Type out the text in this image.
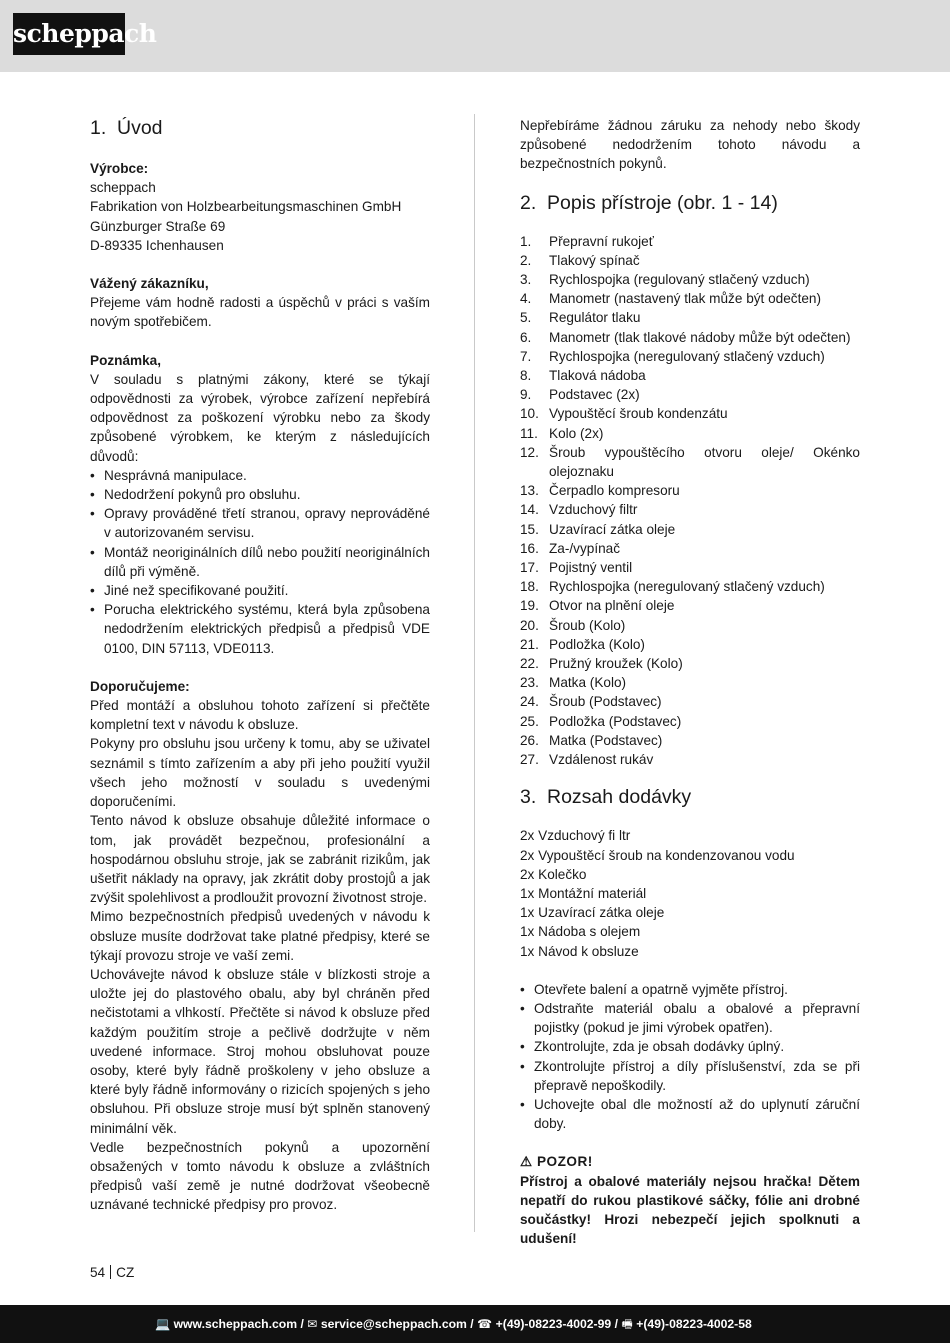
scheppach
1. Úvod
Výrobce:
scheppach
Fabrikation von Holzbearbeitungsmaschinen GmbH
Günzburger Straße 69
D-89335 Ichenhausen
Vážený zákazníku,
Přejeme vám hodně radosti a úspěchů v práci s vaším novým spotřebičem.
Poznámka,
V souladu s platnými zákony, které se týkají odpovědnosti za výrobek, výrobce zařízení nepřebírá odpovědnost za poškození výrobku nebo za škody způsobené výrobkem, ke kterým z následujících důvodů:
• Nesprávná manipulace.
• Nedodržení pokynů pro obsluhu.
• Opravy prováděné třetí stranou, opravy neprováděné v autorizovaném servisu.
• Montáž neoriginálních dílů nebo použití neoriginálních dílů při výměně.
• Jiné než specifikované použití.
• Porucha elektrického systému, která byla způsobena nedodržením elektrických předpisů a předpisů VDE 0100, DIN 57113, VDE0113.
Doporučujeme:
Před montáží a obsluhou tohoto zařízení si přečtěte kompletní text v návodu k obsluze.
Pokyny pro obsluhu jsou určeny k tomu, aby se uživatel seznámil s tímto zařízením a aby při jeho použití využil všech jeho možností v souladu s uvedenými doporučeními.
Tento návod k obsluze obsahuje důležité informace o tom, jak provádět bezpečnou, profesionální a hospodárnou obsluhu stroje, jak se zabránit rizikům, jak ušetřit náklady na opravy, jak zkrátit doby prostojů a jak zvýšit spolehlivost a prodloužit provozní životnost stroje.
Mimo bezpečnostních předpisů uvedených v návodu k obsluze musíte dodržovat take platné předpisy, které se týkají provozu stroje ve vaší zemi.
Uchovávejte návod k obsluze stále v blízkosti stroje a uložte jej do plastového obalu, aby byl chráněn před nečistotami a vlhkostí. Přečtěte si návod k obsluze před každým použitím stroje a pečlivě dodržujte v něm uvedené informace. Stroj mohou obsluhovat pouze osoby, které byly řádně proškoleny v jeho obsluze a které byly řádně informovány o rizicích spojených s jeho obsluhou. Při obsluze stroje musí být splněn stanovený minimální věk.
Vedle bezpečnostních pokynů a upozornění obsažených v tomto návodu k obsluze a zvláštních předpisů vaší země je nutné dodržovat všeobecně uznávané technické předpisy pro provoz.
Nepřebíráme žádnou záruku za nehody nebo škody způsobené nedodržením tohoto návodu a bezpečnostních pokynů.
2. Popis přístroje (obr. 1 - 14)
1. Přepravní rukojeť
2. Tlakový spínač
3. Rychlospojka (regulovaný stlačený vzduch)
4. Manometr (nastavený tlak může být odečten)
5. Regulátor tlaku
6. Manometr (tlak tlakové nádoby může být odečten)
7. Rychlospojka (neregulovaný stlačený vzduch)
8. Tlaková nádoba
9. Podstavec (2x)
10. Vypouštěcí šroub kondenzátu
11. Kolo (2x)
12. Šroub vypouštěcího otvoru oleje/ Okénko olejoznaku
13. Čerpadlo kompresoru
14. Vzduchový filtr
15. Uzavírací zátka oleje
16. Za-/vypínač
17. Pojistný ventil
18. Rychlospojka (neregulovaný stlačený vzduch)
19. Otvor na plnění oleje
20. Šroub (Kolo)
21. Podložka (Kolo)
22. Pružný kroužek (Kolo)
23. Matka (Kolo)
24. Šroub (Podstavec)
25. Podložka (Podstavec)
26. Matka (Podstavec)
27. Vzdálenost rukáv
3. Rozsah dodávky
2x Vzduchový fi ltr
2x Vypouštěcí šroub na kondenzovanou vodu
2x Kolečko
1x Montážní materiál
1x Uzavírací zátka oleje
1x Nádoba s olejem
1x Návod k obsluze
• Otevřete balení a opatrně vyjměte přístroj.
• Odstraňte materiál obalu a obalové a přepravní pojistky (pokud je jimi výrobek opatřen).
• Zkontrolujte, zda je obsah dodávky úplný.
• Zkontrolujte přístroj a díly příslušenství, zda se při přepravě nepoškodily.
• Uchovejte obal dle možností až do uplynutí záruční doby.
⚠ POZOR!
Přístroj a obalové materiály nejsou hračka! Dětem nepatří do rukou plastikové sáčky, fólie ani drobné součástky! Hrozi nebezpečí jejich spolknuti a udušení!
54 CZ
💻 www.scheppach.com / ✉ service@scheppach.com / ☎ +(49)-08223-4002-99 / 🖷 +(49)-08223-4002-58
